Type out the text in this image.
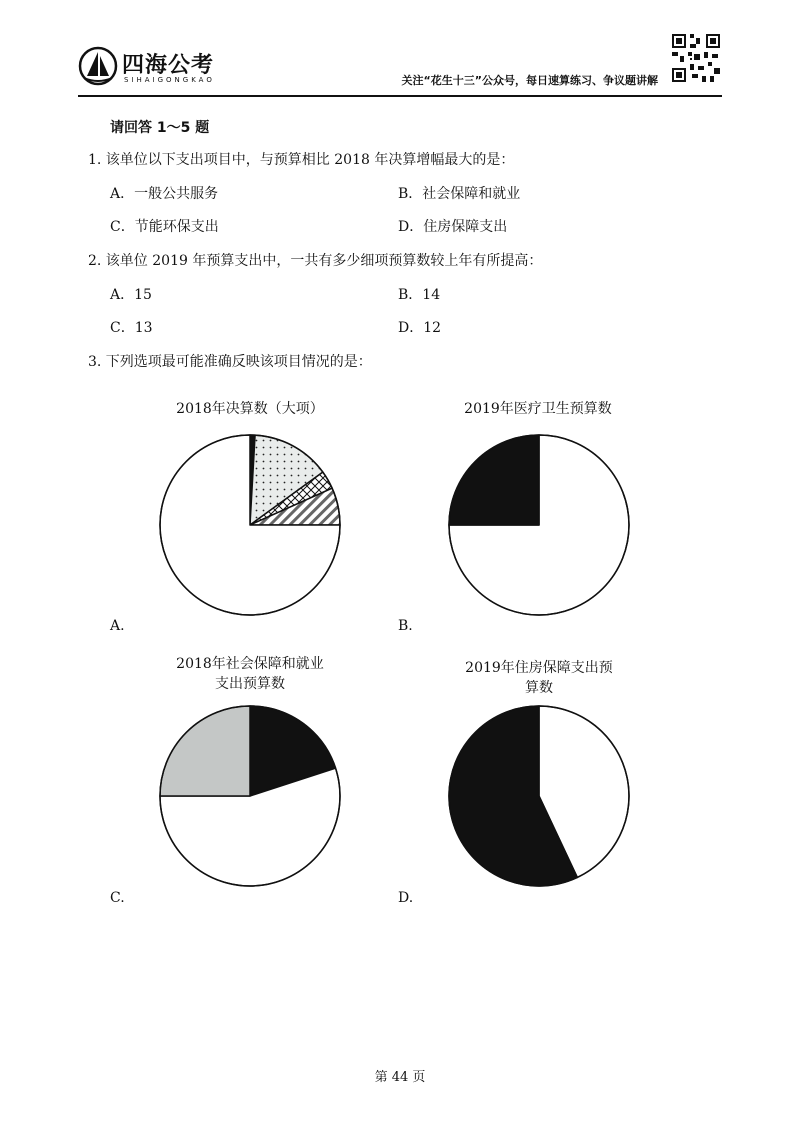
四海公考
SIHAIGONGKAO	关注“花生十三”公众号，每日速算练习、争议题讲解
请回答 1～5 题
1. 该单位以下支出项目中，与预算相比 2018 年决算增幅最大的是：
A．一般公共服务	B．社会保障和就业
C．节能环保支出	D．住房保障支出
2. 该单位 2019 年预算支出中，一共有多少细项预算数较上年有所提高：
A．15	B．14
C．13	D．12
3. 下列选项最可能准确反映该项目情况的是：
2018年决算数（大项）
A.
2019年医疗卫生预算数
B.
2018年社会保障和就业
支出预算数
C.
2019年住房保障支出预
算数
D.
第 44 页
